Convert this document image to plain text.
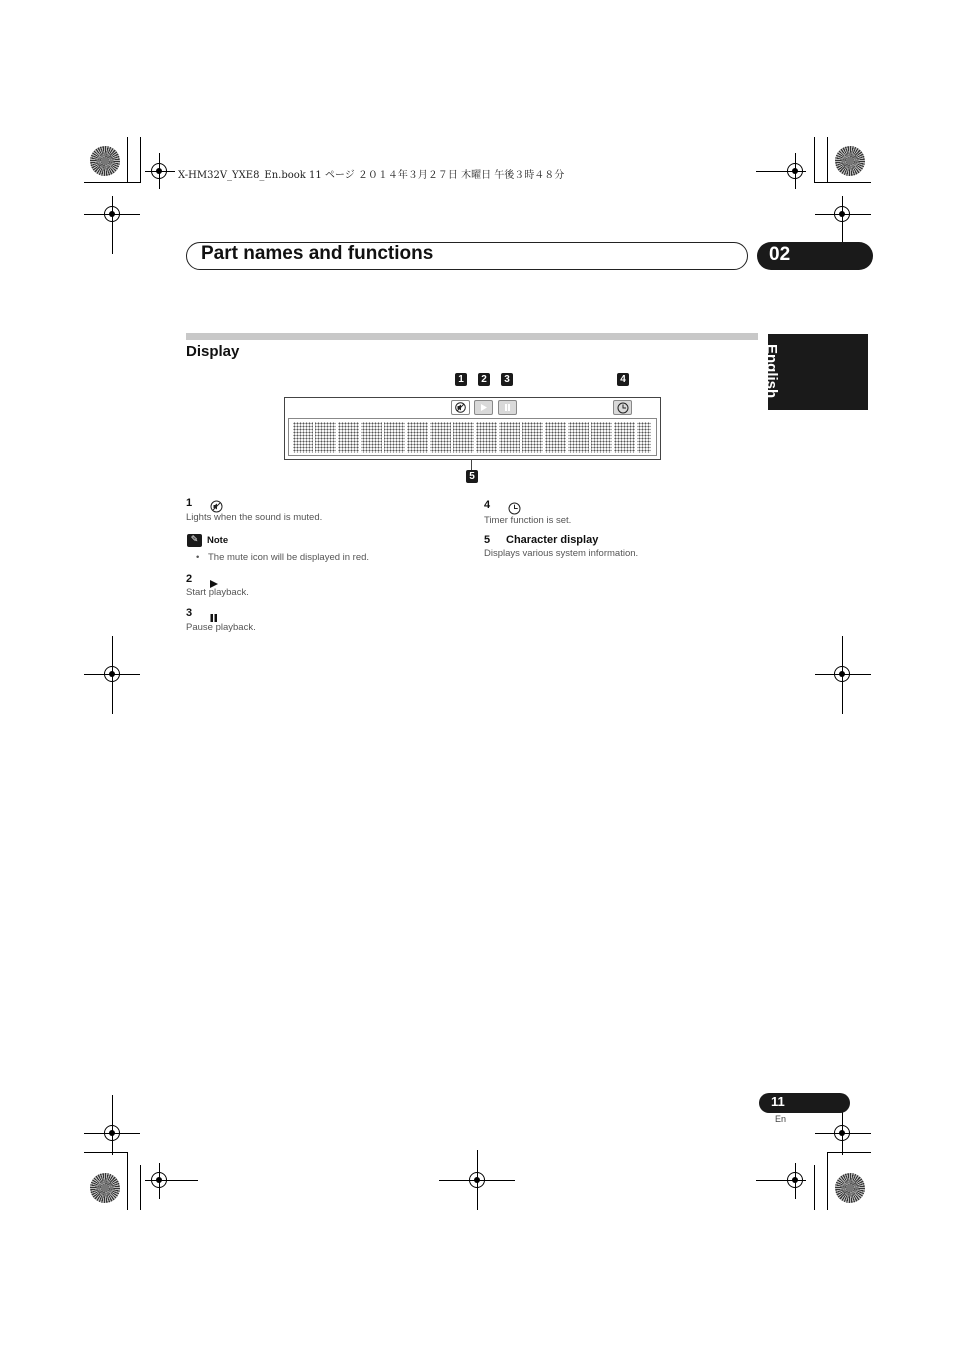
X-HM32V_YXE8_En.book 11 ページ ２０１４年３月２７日 木曜日 午後３時４８分
Part names and functions	02
English
Display
1	2	3	4
5
1
Lights when the sound is muted.
✎ Note
• The mute icon will be displayed in red.
2
Start playback.
3
Pause playback.
4
Timer function is set.
5 Character display
Displays various system information.
11
En
